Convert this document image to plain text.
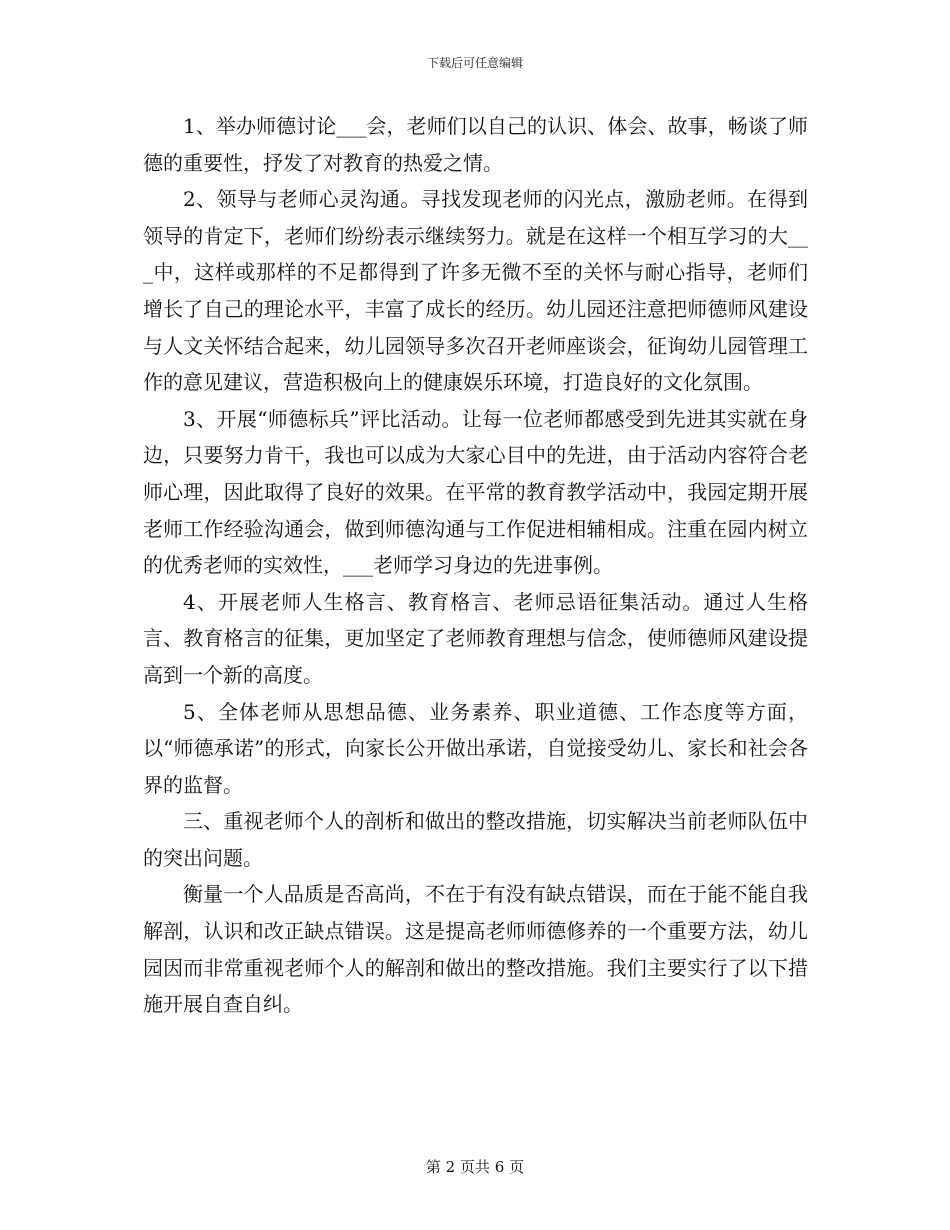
下载后可任意编辑

1、举办师德讨论___会，老师们以自己的认识、体会、故事，畅谈了师德的重要性，抒发了对教育的热爱之情。

2、领导与老师心灵沟通。寻找发现老师的闪光点，激励老师。在得到领导的肯定下，老师们纷纷表示继续努力。就是在这样一个相互学习的大___中，这样或那样的不足都得到了许多无微不至的关怀与耐心指导，老师们增长了自己的理论水平，丰富了成长的经历。幼儿园还注意把师德师风建设与人文关怀结合起来，幼儿园领导多次召开老师座谈会，征询幼儿园管理工作的意见建议，营造积极向上的健康娱乐环境，打造良好的文化氛围。

3、开展“师德标兵”评比活动。让每一位老师都感受到先进其实就在身边，只要努力肯干，我也可以成为大家心目中的先进，由于活动内容符合老师心理，因此取得了良好的效果。在平常的教育教学活动中，我园定期开展老师工作经验沟通会，做到师德沟通与工作促进相辅相成。注重在园内树立的优秀老师的实效性，___老师学习身边的先进事例。

4、开展老师人生格言、教育格言、老师忌语征集活动。通过人生格言、教育格言的征集，更加坚定了老师教育理想与信念，使师德师风建设提高到一个新的高度。

5、全体老师从思想品德、业务素养、职业道德、工作态度等方面，以“师德承诺”的形式，向家长公开做出承诺，自觉接受幼儿、家长和社会各界的监督。

三、重视老师个人的剖析和做出的整改措施，切实解决当前老师队伍中的突出问题。

衡量一个人品质是否高尚，不在于有没有缺点错误，而在于能不能自我解剖，认识和改正缺点错误。这是提高老师师德修养的一个重要方法，幼儿园因而非常重视老师个人的解剖和做出的整改措施。我们主要实行了以下措施开展自查自纠。

第 2 页共 6 页
